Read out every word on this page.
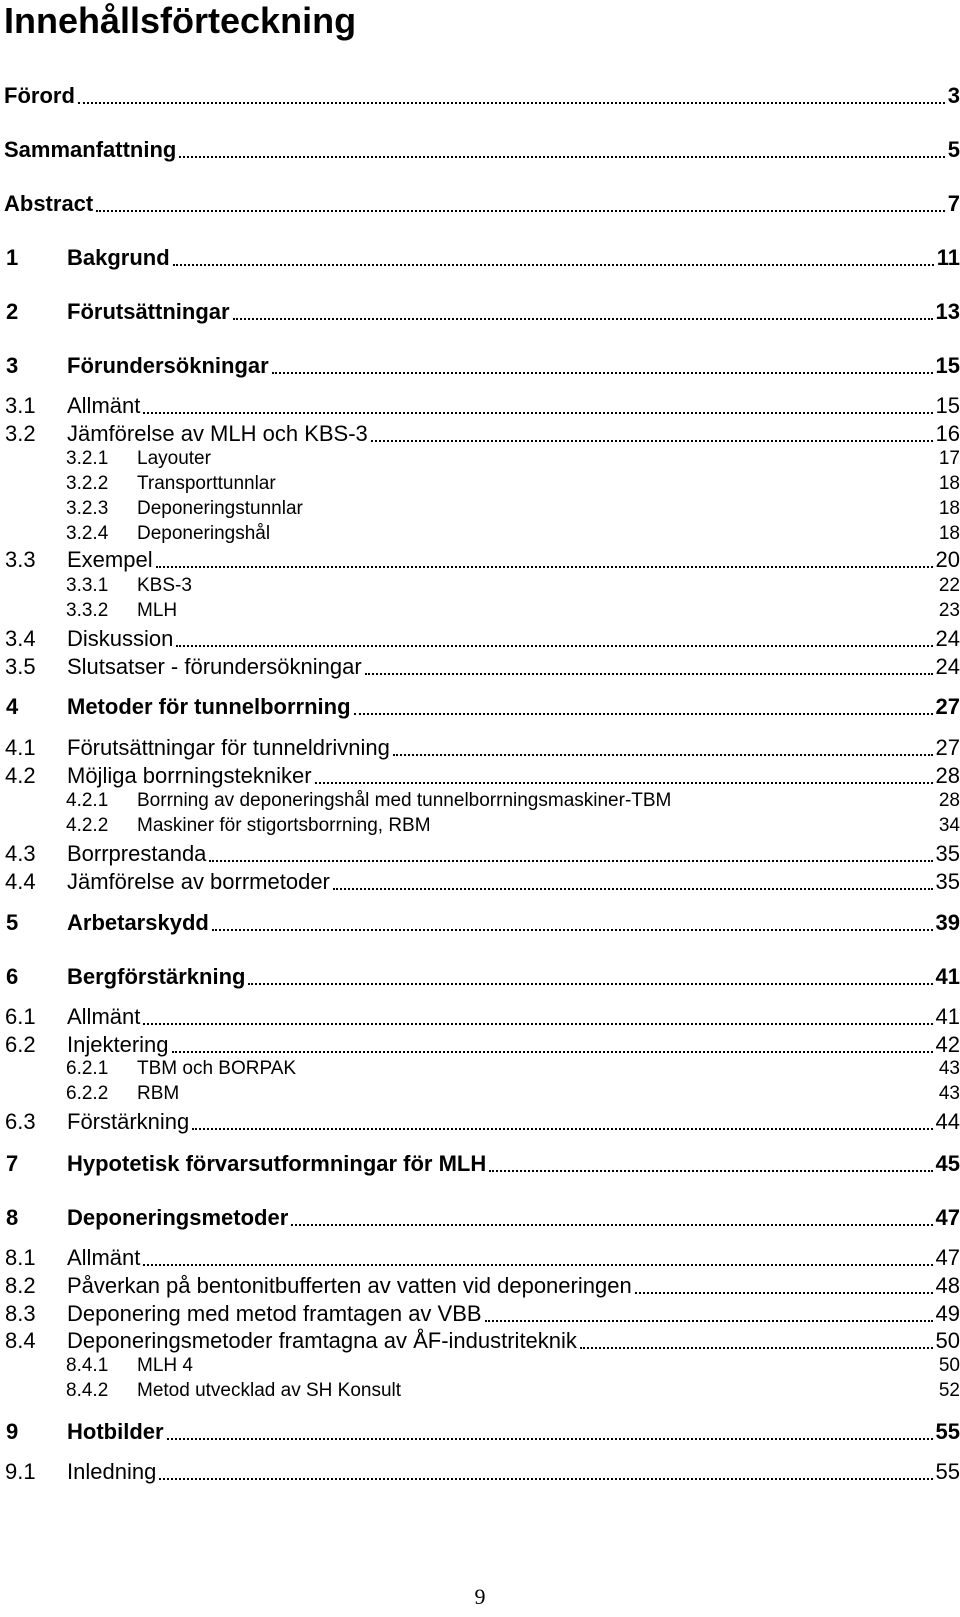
Innehållsförteckning
Förord	3
Sammanfattning	5
Abstract	7
1 Bakgrund	11
2 Förutsättningar	13
3 Förundersökningar	15
3.1 Allmänt	15
3.2 Jämförelse av MLH och KBS-3	16
3.2.1 Layouter	17
3.2.2 Transporttunnlar	18
3.2.3 Deponeringstunnlar	18
3.2.4 Deponeringshål	18
3.3 Exempel	20
3.3.1 KBS-3	22
3.3.2 MLH	23
3.4 Diskussion	24
3.5 Slutsatser - förundersökningar	24
4 Metoder för tunnelborrning	27
4.1 Förutsättningar för tunneldrivning	27
4.2 Möjliga borrningstekniker	28
4.2.1 Borrning av deponeringshål med tunnelborrningsmaskiner-TBM	28
4.2.2 Maskiner för stigortsborrning, RBM	34
4.3 Borrprestanda	35
4.4 Jämförelse av borrmetoder	35
5 Arbetarskydd	39
6 Bergförstärkning	41
6.1 Allmänt	41
6.2 Injektering	42
6.2.1 TBM och BORPAK	43
6.2.2 RBM	43
6.3 Förstärkning	44
7 Hypotetisk förvarsutformningar för MLH	45
8 Deponeringsmetoder	47
8.1 Allmänt	47
8.2 Påverkan på bentonitbufferten av vatten vid deponeringen	48
8.3 Deponering med metod framtagen av VBB	49
8.4 Deponeringsmetoder framtagna av ÅF-industriteknik	50
8.4.1 MLH 4	50
8.4.2 Metod utvecklad av SH Konsult	52
9 Hotbilder	55
9.1 Inledning	55
9
